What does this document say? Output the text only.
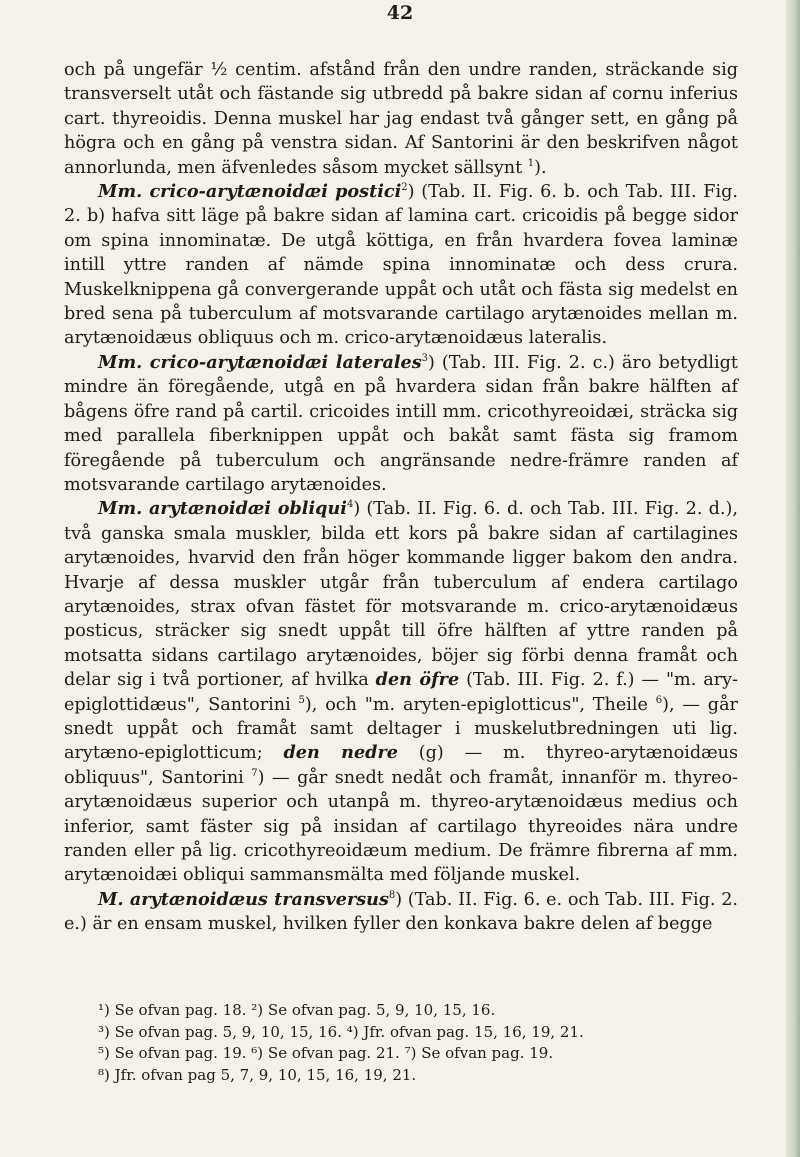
42

och på ungefär ½ centim. afstånd från den undre randen, sträckande sig transverselt utåt och fästande sig utbredd på bakre sidan af cornu inferius cart. thyreoidis. Denna muskel har jag endast två gånger sett, en gång på högra och en gång på venstra sidan. Af Santorini är den beskrifven något annorlunda, men äfvenledes såsom mycket sällsynt $^1$).

Mm. crico-arytænoidæi postici$^2$) (Tab. II. Fig. 6. b. och Tab. III. Fig. 2. b) hafva sitt läge på bakre sidan af lamina cart. cricoidis på begge sidor om spina innominatæ. De utgå köttiga, en från hvardera fovea laminæ intill yttre randen af nämde spina innominatæ och dess crura. Muskelknippena gå convergerande uppåt och utåt och fästa sig medelst en bred sena på tuberculum af motsvarande cartilago arytænoides mellan m. arytænoidæus obliquus och m. crico-arytænoidæus lateralis.

Mm. crico-arytænoidæi laterales$^3$) (Tab. III. Fig. 2. c.) äro betydligt mindre än föregående, utgå en på hvardera sidan från bakre hälften af bågens öfre rand på cartil. cricoides intill mm. cricothyreoidæi, sträcka sig med parallela fiberknippen uppåt och bakåt samt fästa sig framom föregående på tuberculum och angränsande nedre-främre randen af motsvarande cartilago arytænoides.

Mm. arytænoidæi obliqui$^4$) (Tab. II. Fig. 6. d. och Tab. III. Fig. 2. d.), två ganska smala muskler, bilda ett kors på bakre sidan af cartilagines arytænoides, hvarvid den från höger kommande ligger bakom den andra. Hvarje af dessa muskler utgår från tuberculum af endera cartilago arytænoides, strax ofvan fästet för motsvarande m. crico-arytænoidæus posticus, sträcker sig snedt uppåt till öfre hälften af yttre randen på motsatta sidans cartilago arytænoides, böjer sig förbi denna framåt och delar sig i två portioner, af hvilka den öfre (Tab. III. Fig. 2. f.) — "m. ary-epiglottidæus", Santorini $^5$), och "m. aryten-epiglotticus", Theile $^6$), — går snedt uppåt och framåt samt deltager i muskelutbredningen uti lig. arytæno-epiglotticum; den nedre (g) — m. thyreo-arytænoidæus obliquus", Santorini $^7$) — går snedt nedåt och framåt, innanför m. thyreo-arytænoidæus superior och utanpå m. thyreo-arytænoidæus medius och inferior, samt fäster sig på insidan af cartilago thyreoides nära undre randen eller på lig. cricothyreoidæum medium. De främre fibrerna af mm. arytænoidæi obliqui sammansmälta med följande muskel.

M. arytænoidæus transversus$^8$) (Tab. II. Fig. 6. e. och Tab. III. Fig. 2. e.) är en ensam muskel, hvilken fyller den konkava bakre delen af begge

¹) Se ofvan pag. 18. ²) Se ofvan pag. 5, 9, 10, 15, 16.
³) Se ofvan pag. 5, 9, 10, 15, 16. ⁴) Jfr. ofvan pag. 15, 16, 19, 21.
⁵) Se ofvan pag. 19. ⁶) Se ofvan pag. 21. ⁷) Se ofvan pag. 19.
⁸) Jfr. ofvan pag 5, 7, 9, 10, 15, 16, 19, 21.
